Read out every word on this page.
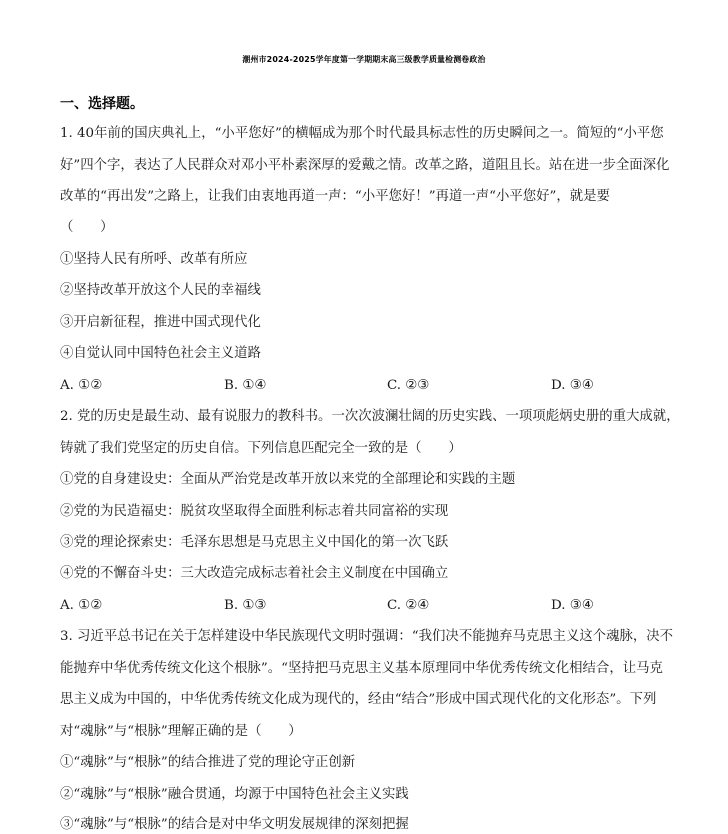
潮州市2024-2025学年度第一学期期末高三级教学质量检测卷政治
一、选择题。
1. 40年前的国庆典礼上，“小平您好”的横幅成为那个时代最具标志性的历史瞬间之一。简短的“小平您
好”四个字，表达了人民群众对邓小平朴素深厚的爱戴之情。改革之路，道阻且长。站在进一步全面深化
改革的“再出发”之路上，让我们由衷地再道一声：“小平您好！”再道一声“小平您好”，就是要
（　　）
①坚持人民有所呼、改革有所应
②坚持改革开放这个人民的幸福线
③开启新征程，推进中国式现代化
④自觉认同中国特色社会主义道路
A. ①②	B. ①④	C. ②③	D. ③④
2. 党的历史是最生动、最有说服力的教科书。一次次波澜壮阔的历史实践、一项项彪炳史册的重大成就，
铸就了我们党坚定的历史自信。下列信息匹配完全一致的是（　　）
①党的自身建设史：全面从严治党是改革开放以来党的全部理论和实践的主题
②党的为民造福史：脱贫攻坚取得全面胜利标志着共同富裕的实现
③党的理论探索史：毛泽东思想是马克思主义中国化的第一次飞跃
④党的不懈奋斗史：三大改造完成标志着社会主义制度在中国确立
A. ①②	B. ①③	C. ②④	D. ③④
3. 习近平总书记在关于怎样建设中华民族现代文明时强调：“我们决不能抛弃马克思主义这个魂脉，决不
能抛弃中华优秀传统文化这个根脉”。“坚持把马克思主义基本原理同中华优秀传统文化相结合，让马克
思主义成为中国的，中华优秀传统文化成为现代的，经由“结合”形成中国式现代化的文化形态”。下列
对“魂脉”与“根脉”理解正确的是（　　）
①“魂脉”与“根脉”的结合推进了党的理论守正创新
②“魂脉”与“根脉”融合贯通，均源于中国特色社会主义实践
③“魂脉”与“根脉”的结合是对中华文明发展规律的深刻把握
